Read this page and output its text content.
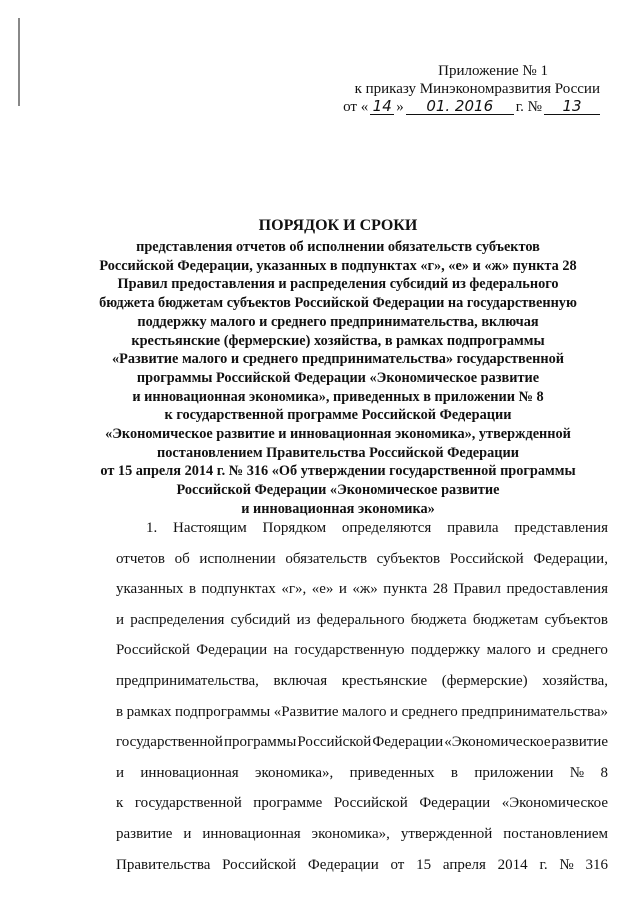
Приложение № 1
к приказу Минэкономразвития России
от « 14 »	01. 2016	г. №	13
ПОРЯДОК И СРОКИ
представления отчетов об исполнении обязательств субъектов
Российской Федерации, указанных в подпунктах «г», «е» и «ж» пункта 28
Правил предоставления и распределения субсидий из федерального
бюджета бюджетам субъектов Российской Федерации на государственную
поддержку малого и среднего предпринимательства, включая
крестьянские (фермерские) хозяйства, в рамках подпрограммы
«Развитие малого и среднего предпринимательства» государственной
программы Российской Федерации «Экономическое развитие
и инновационная экономика», приведенных в приложении № 8
к государственной программе Российской Федерации
«Экономическое развитие и инновационная экономика», утвержденной
постановлением Правительства Российской Федерации
от 15 апреля 2014 г. № 316 «Об утверждении государственной программы
Российской Федерации «Экономическое развитие
и инновационная экономика»
1. Настоящим Порядком определяются правила представления
отчетов об исполнении обязательств субъектов Российской Федерации,
указанных в подпунктах «г», «е» и «ж» пункта 28 Правил предоставления
и распределения субсидий из федерального бюджета бюджетам субъектов
Российской Федерации на государственную поддержку малого и среднего
предпринимательства, включая крестьянские (фермерские) хозяйства,
в рамках подпрограммы «Развитие малого и среднего предпринимательства»
государственной программы Российской Федерации «Экономическое развитие
и инновационная экономика», приведенных в приложении № 8
к государственной программе Российской Федерации «Экономическое
развитие и инновационная экономика», утвержденной постановлением
Правительства Российской Федерации от 15 апреля 2014 г. № 316
